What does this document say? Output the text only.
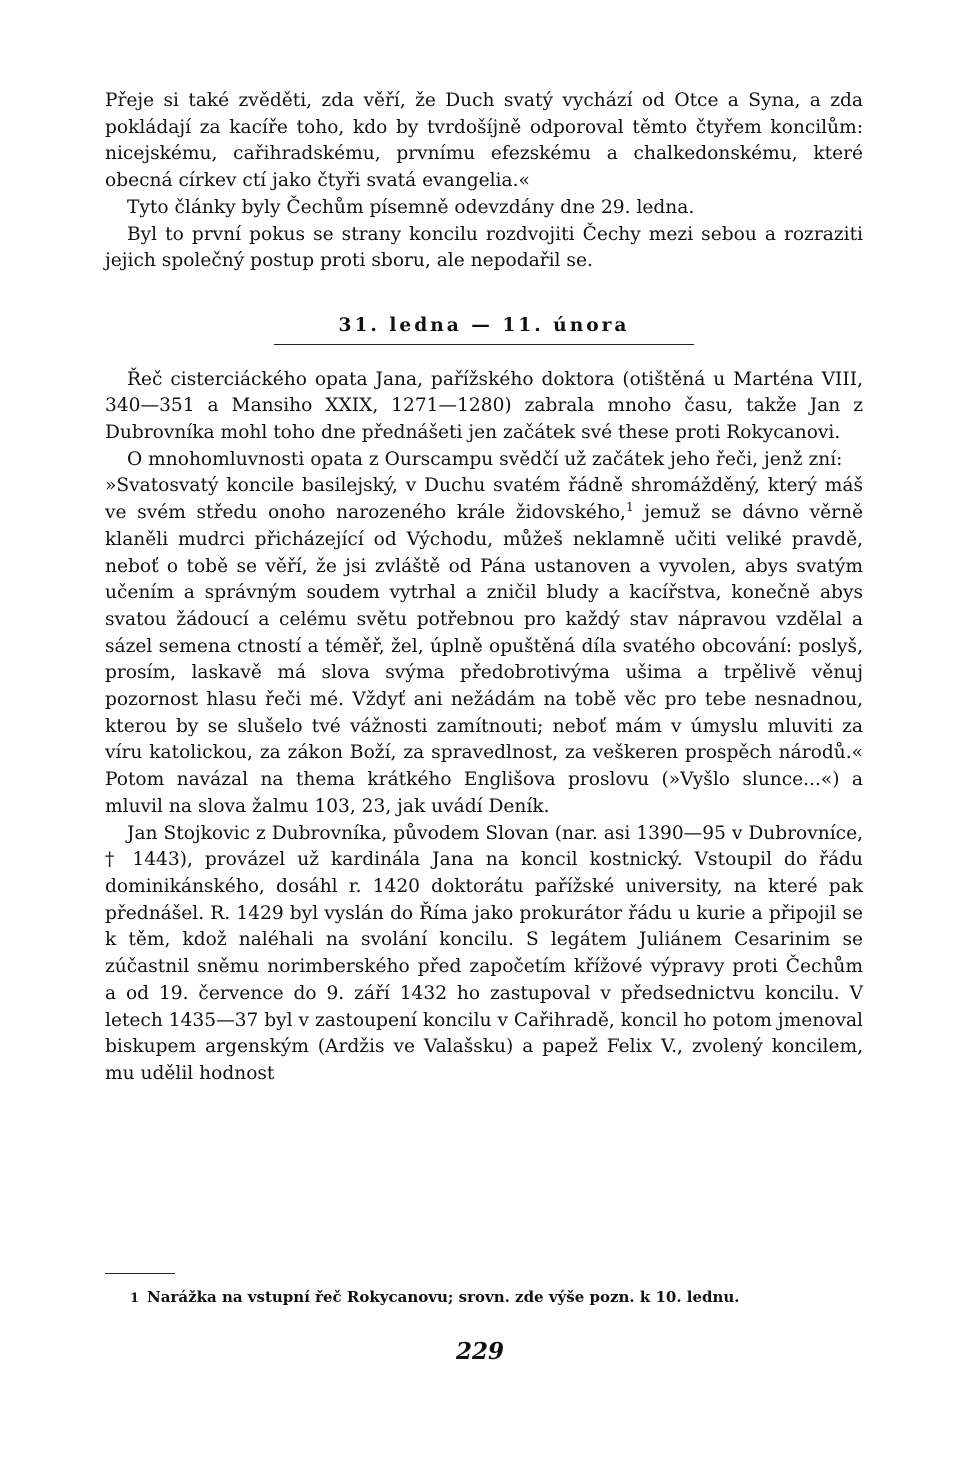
Přeje si také zvěděti, zda věří, že Duch svatý vychází od Otce a Syna, a zda pokládají za kacíře toho, kdo by tvrdošíjně odporoval těmto čtyřem koncilům: nicejskému, cařihradskému, prvnímu efezskému a chalkedonskému, které obecná církev ctí jako čtyři svatá evangelia.«

Tyto články byly Čechům písemně odevzdány dne 29. ledna.

Byl to první pokus se strany koncilu rozdvojiti Čechy mezi sebou a rozraziti jejich společný postup proti sboru, ale nepodařil se.

31. ledna — 11. února

Řeč cisterciáckého opata Jana, pařížského doktora (otištěná u Marténa VIII, 340—351 a Mansiho XXIX, 1271—1280) zabrala mnoho času, takže Jan z Dubrovníka mohl toho dne přednášeti jen začátek své these proti Rokycanovi.

O mnohomluvnosti opata z Ourscampu svědčí už začátek jeho řeči, jenž zní:

»Svatosvatý koncile basilejský, v Duchu svatém řádně shromážděný, který máš ve svém středu onoho narozeného krále židovského,$^1$ jemuž se dávno věrně klaněli mudrci přicházející od Východu, můžeš neklamně učiti veliké pravdě, neboť o tobě se věří, že jsi zvláště od Pána ustanoven a vyvolen, abys svatým učením a správným soudem vytrhal a zničil bludy a kacířstva, konečně abys svatou žádoucí a celému světu potřebnou pro každý stav nápravou vzdělal a sázel semena ctností a téměř, žel, úplně opuštěná díla svatého obcování: poslyš, prosím, laskavě má slova svýma předobrotivýma ušima a trpělivě věnuj pozornost hlasu řeči mé. Vždyť ani nežádám na tobě věc pro tebe nesnadnou, kterou by se slušelo tvé vážnosti zamítnouti; neboť mám v úmyslu mluviti za víru katolickou, za zákon Boží, za spravedlnost, za veškeren prospěch národů.« Potom navázal na thema krátkého Englišova proslovu (»Vyšlo slunce...«) a mluvil na slova žalmu 103, 23, jak uvádí Deník.

Jan Stojkovic z Dubrovníka, původem Slovan (nar. asi 1390—95 v Dubrovníce, † 1443), provázel už kardinála Jana na koncil kostnický. Vstoupil do řádu dominikánského, dosáhl r. 1420 doktorátu pařížské university, na které pak přednášel. R. 1429 byl vyslán do Říma jako prokurátor řádu u kurie a připojil se k těm, kdož naléhali na svolání koncilu. S legátem Juliánem Cesarinim se zúčastnil sněmu norimberského před započetím křížové výpravy proti Čechům a od 19. července do 9. září 1432 ho zastupoval v předsednictvu koncilu. V letech 1435—37 byl v zastoupení koncilu v Cařihradě, koncil ho potom jmenoval biskupem argenským (Ardžis ve Valašsku) a papež Felix V., zvolený koncilem, mu udělil hodnost

1 Narážka na vstupní řeč Rokycanovu; srovn. zde výše pozn. k 10. lednu.
229
